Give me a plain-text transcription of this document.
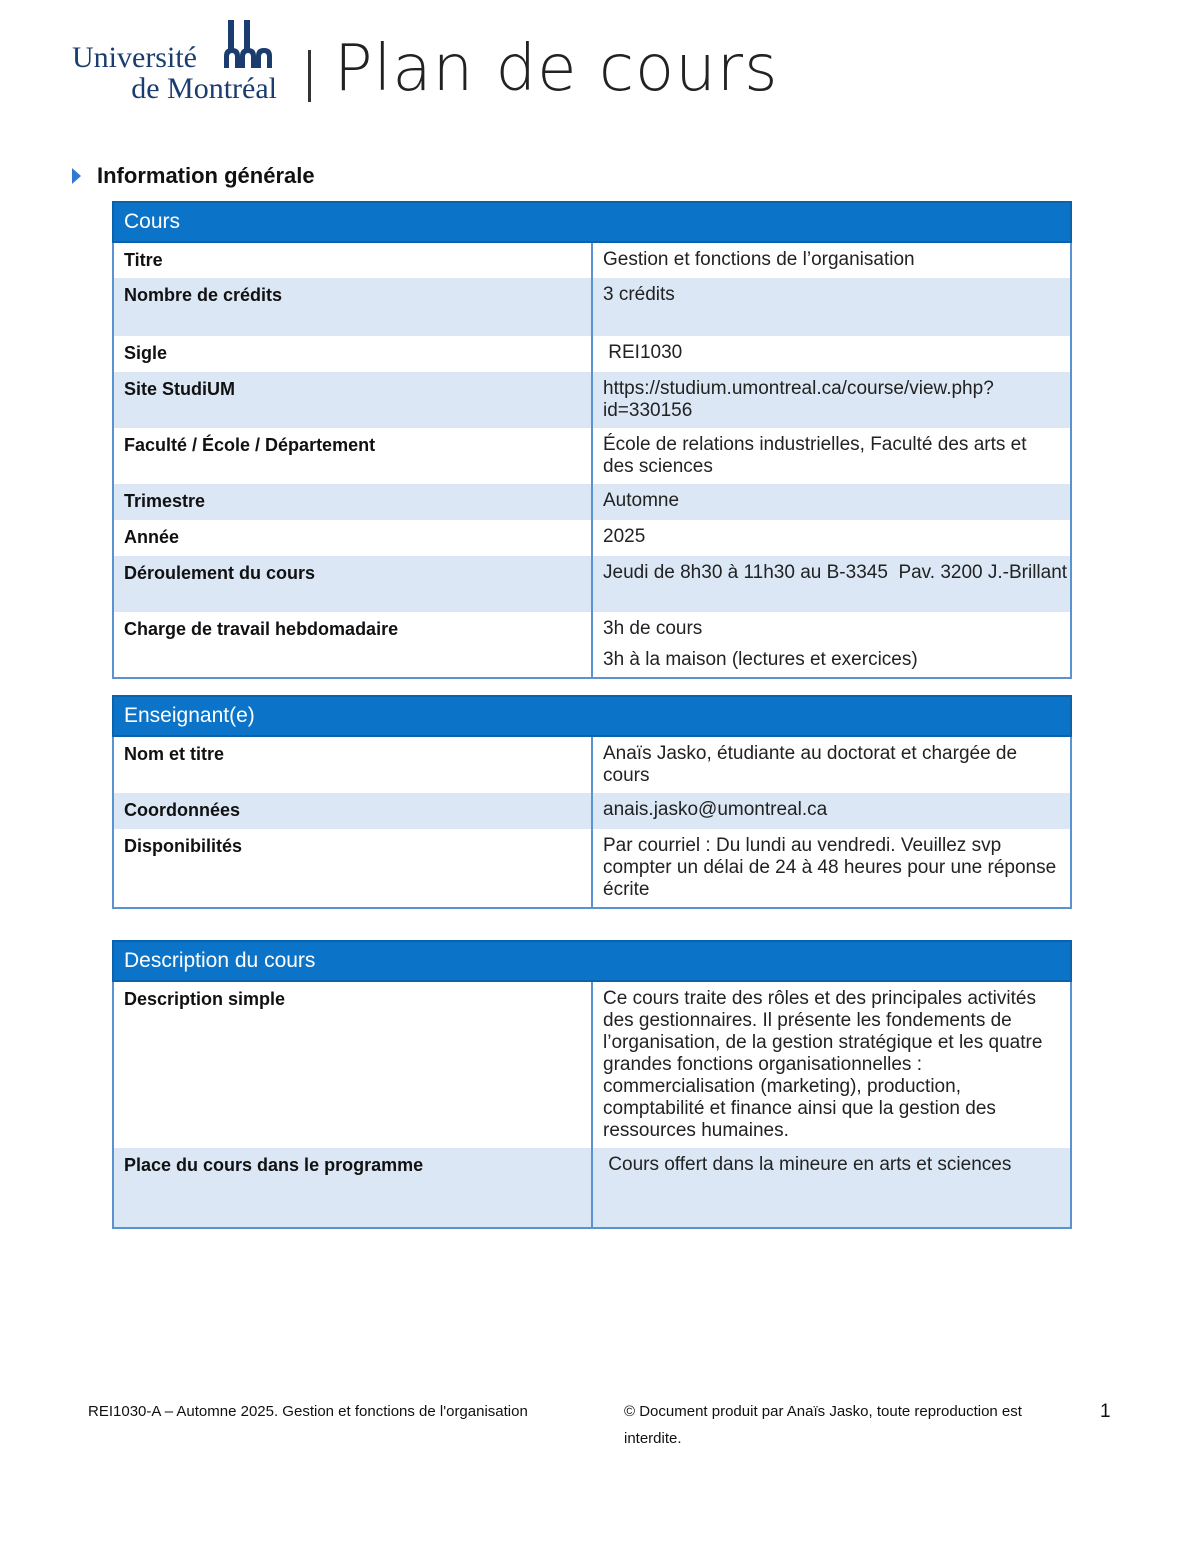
Université
de Montréal Plan de cours
Information générale
Cours	
Titre	Gestion et fonctions de l’organisation
Nombre de crédits	3 crédits
Sigle	REI1030
Site StudiUM	https://studium.umontreal.ca/course/view.php?id=330156
Faculté / École / Département	École de relations industrielles, Faculté des arts et des sciences
Trimestre	Automne
Année	2025
Déroulement du cours	Jeudi de 8h30 à 11h30 au B-3345  Pav. 3200 J.-Brillant
Charge de travail hebdomadaire	3h de cours
3h à la maison (lectures et exercices)
Enseignant(e)	
Nom et titre	Anaïs Jasko, étudiante au doctorat et chargée de cours
Coordonnées	anais.jasko@umontreal.ca
Disponibilités	Par courriel : Du lundi au vendredi. Veuillez svp compter un délai de 24 à 48 heures pour une réponse écrite
Description du cours	
Description simple	Ce cours traite des rôles et des principales activités des gestionnaires. Il présente les fondements de l’organisation, de la gestion stratégique et les quatre grandes fonctions organisationnelles : commercialisation (marketing), production, comptabilité et finance ainsi que la gestion des ressources humaines.
Place du cours dans le programme	Cours offert dans la mineure en arts et sciences
REI1030-A – Automne 2025. Gestion et fonctions de l'organisation	© Document produit par Anaïs Jasko, toute reproduction est interdite.
1
